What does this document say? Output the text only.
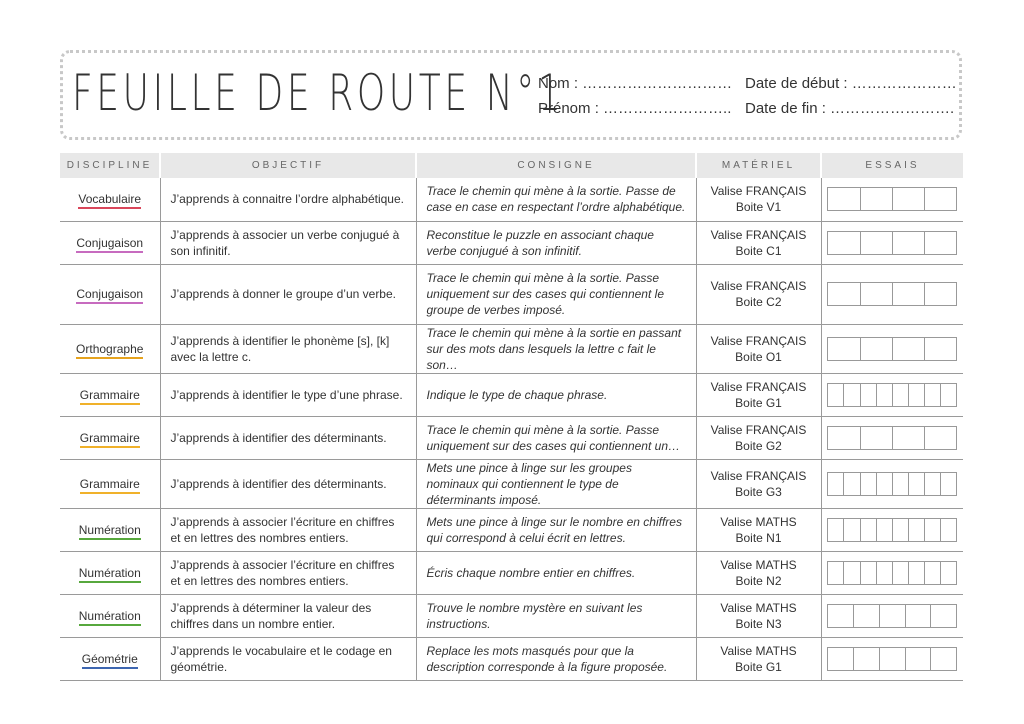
FEUILLE DE ROUTE N°1
Nom : …………………………
Prénom : ……………………..
Date de début : …………………
Date de fin : …………………….
DISCIPLINE	OBJECTIF	CONSIGNE	MATÉRIEL	ESSAIS
Vocabulaire	J’apprends à connaitre l’ordre alphabétique.	Trace le chemin qui mène à la sortie. Passe de case en case en respectant l’ordre alphabétique.	Valise FRANÇAIS
Boite V1	

Conjugaison	J’apprends à associer un verbe conjugué à son infinitif.	Reconstitue le puzzle en associant chaque verbe conjugué à son infinitif.	Valise FRANÇAIS
Boite C1	

Conjugaison	J’apprends à donner le groupe d’un verbe.	Trace le chemin qui mène à la sortie. Passe uniquement sur des cases qui contiennent le groupe de verbes imposé.	Valise FRANÇAIS
Boite C2	

Orthographe	J’apprends à identifier le phonème [s], [k] avec la lettre c.	Trace le chemin qui mène à la sortie en passant sur des mots dans lesquels la lettre c fait le son…	Valise FRANÇAIS
Boite O1	

Grammaire	J’apprends à identifier le type d’une phrase.	Indique le type de chaque phrase.	Valise FRANÇAIS
Boite G1	

Grammaire	J’apprends à identifier des déterminants.	Trace le chemin qui mène à la sortie. Passe uniquement sur des cases qui contiennent un…	Valise FRANÇAIS
Boite G2	

Grammaire	J’apprends à identifier des déterminants.	Mets une pince à linge sur les groupes nominaux qui contiennent le type de déterminants imposé.	Valise FRANÇAIS
Boite G3	

Numération	J’apprends à associer l’écriture en chiffres et en lettres des nombres entiers.	Mets une pince à linge sur le nombre en chiffres qui correspond à celui écrit en lettres.	Valise MATHS
Boite N1	

Numération	J’apprends à associer l’écriture en chiffres et en lettres des nombres entiers.	Écris chaque nombre entier en chiffres.	Valise MATHS
Boite N2	

Numération	J’apprends à déterminer la valeur des chiffres dans un nombre entier.	Trouve le nombre mystère en suivant les instructions.	Valise MATHS
Boite N3	

Géométrie	J’apprends le vocabulaire et le codage en géométrie.	Replace les mots masqués pour que la description corresponde à la figure proposée.	Valise MATHS
Boite G1	
